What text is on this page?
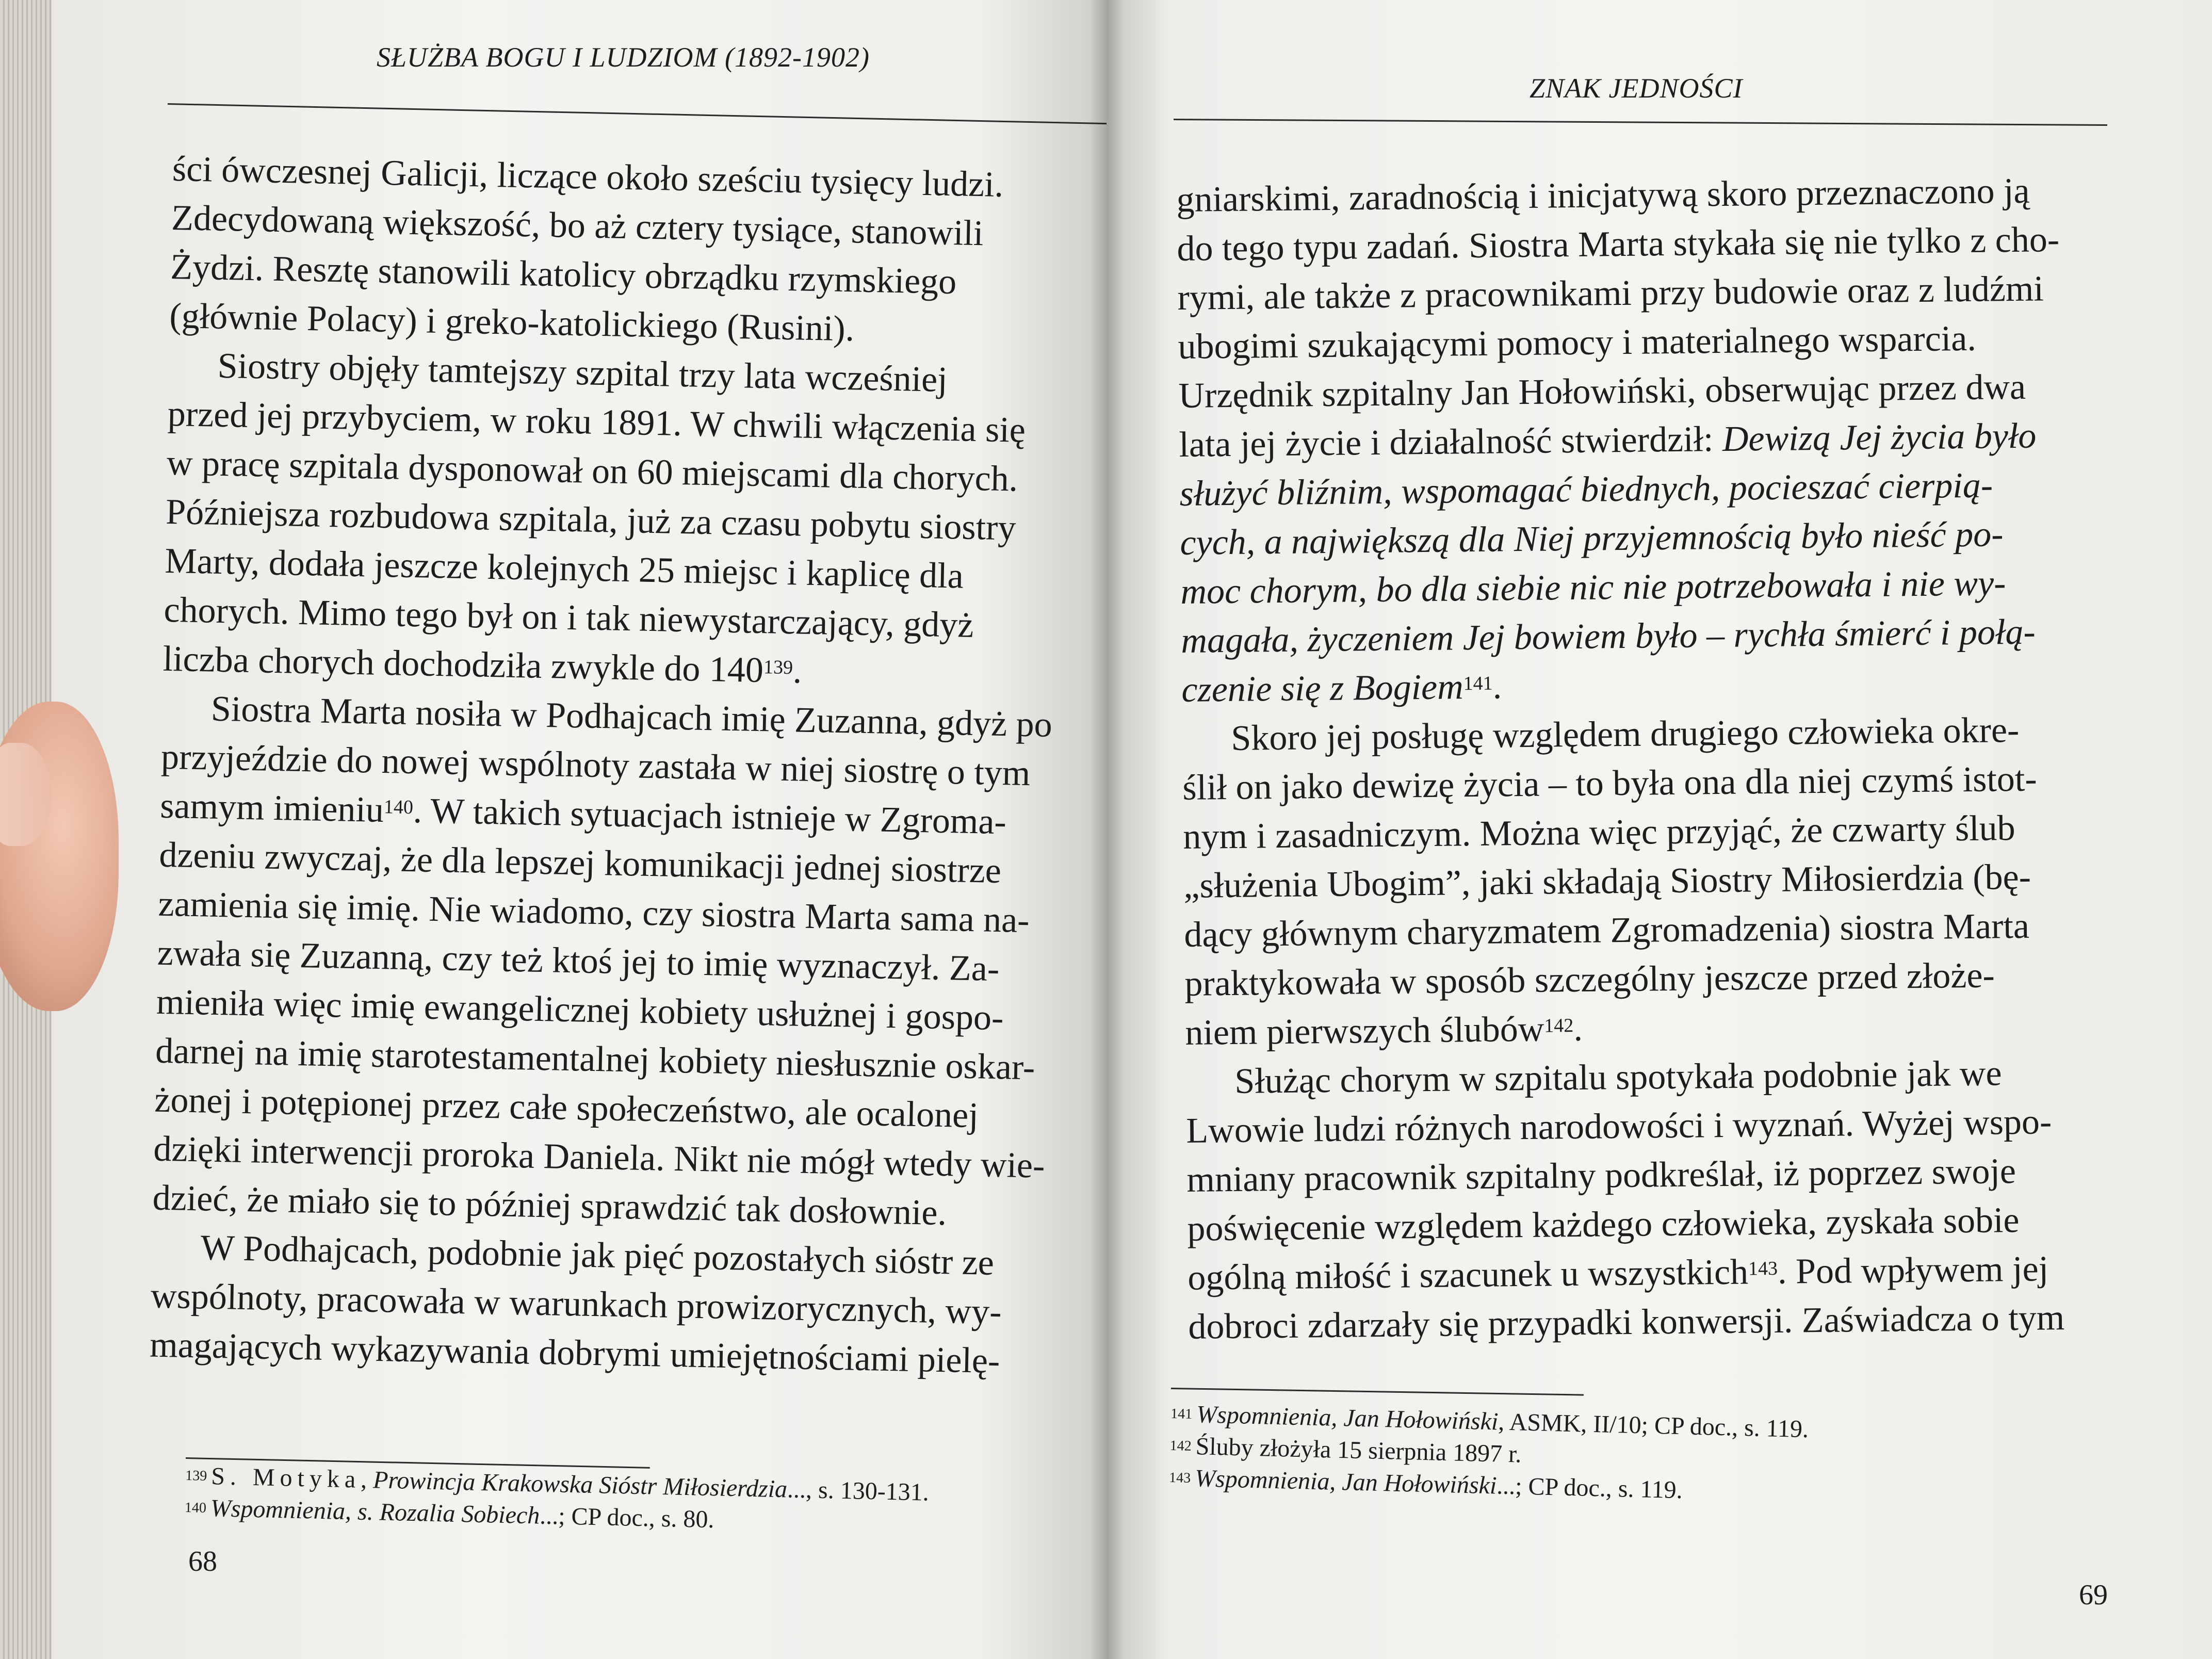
SŁUŻBA BOGU I LUDZIOM (1892-1902)

ści ówczesnej Galicji, liczące około sześciu tysięcy ludzi.
Zdecydowaną większość, bo aż cztery tysiące, stanowili
Żydzi. Resztę stanowili katolicy obrządku rzymskiego
(głównie Polacy) i greko-katolickiego (Rusini).

Siostry objęły tamtejszy szpital trzy lata wcześniej
przed jej przybyciem, w roku 1891. W chwili włączenia się
w pracę szpitala dysponował on 60 miejscami dla chorych.
Późniejsza rozbudowa szpitala, już za czasu pobytu siostry
Marty, dodała jeszcze kolejnych 25 miejsc i kaplicę dla
chorych. Mimo tego był on i tak niewystarczający, gdyż
liczba chorych dochodziła zwykle do $140^{139}$.

Siostra Marta nosiła w Podhajcach imię Zuzanna, gdyż po
przyjeździe do nowej wspólnoty zastała w niej siostrę o tym
samym imieniu$^{140}$. W takich sytuacjach istnieje w Zgroma-
dzeniu zwyczaj, że dla lepszej komunikacji jednej siostrze
zamienia się imię. Nie wiadomo, czy siostra Marta sama na-
zwała się Zuzanną, czy też ktoś jej to imię wyznaczył. Za-
mieniła więc imię ewangelicznej kobiety usłużnej i gospo-
darnej na imię starotestamentalnej kobiety niesłusznie oskar-
żonej i potępionej przez całe społeczeństwo, ale ocalonej
dzięki interwencji proroka Daniela. Nikt nie mógł wtedy wie-
dzieć, że miało się to później sprawdzić tak dosłownie.

W Podhajcach, podobnie jak pięć pozostałych sióstr ze
wspólnoty, pracowała w warunkach prowizorycznych, wy-
magających wykazywania dobrymi umiejętnościami pielę-

$^{139}$ S. Motyka, Prowincja Krakowska Sióstr Miłosierdzia..., s. 130-131.
$^{140}$ Wspomnienia, s. Rozalia Sobiech...; CP doc., s. 80.
68
ZNAK JEDNOŚCI

gniarskimi, zaradnością i inicjatywą skoro przeznaczono ją
do tego typu zadań. Siostra Marta stykała się nie tylko z cho-
rymi, ale także z pracownikami przy budowie oraz z ludźmi
ubogimi szukającymi pomocy i materialnego wsparcia.
Urzędnik szpitalny Jan Hołowiński, obserwując przez dwa
lata jej życie i działalność stwierdził: Dewizą Jej życia było
służyć bliźnim, wspomagać biednych, pocieszać cierpią-
cych, a największą dla Niej przyjemnością było nieść po-
moc chorym, bo dla siebie nic nie potrzebowała i nie wy-
magała, życzeniem Jej bowiem było – rychła śmierć i połą-
czenie się z Bogiem$^{141}$.

Skoro jej posługę względem drugiego człowieka okre-
ślił on jako dewizę życia – to była ona dla niej czymś istot-
nym i zasadniczym. Można więc przyjąć, że czwarty ślub
„służenia Ubogim”, jaki składają Siostry Miłosierdzia (bę-
dący głównym charyzmatem Zgromadzenia) siostra Marta
praktykowała w sposób szczególny jeszcze przed złoże-
niem pierwszych ślubów$^{142}$.

Służąc chorym w szpitalu spotykała podobnie jak we
Lwowie ludzi różnych narodowości i wyznań. Wyżej wspo-
mniany pracownik szpitalny podkreślał, iż poprzez swoje
poświęcenie względem każdego człowieka, zyskała sobie
ogólną miłość i szacunek u wszystkich$^{143}$. Pod wpływem jej
dobroci zdarzały się przypadki konwersji. Zaświadcza o tym

$^{141}$ Wspomnienia, Jan Hołowiński, ASMK, II/10; CP doc., s. 119.
$^{142}$ Śluby złożyła 15 sierpnia 1897 r.
$^{143}$ Wspomnienia, Jan Hołowiński...; CP doc., s. 119.
69
